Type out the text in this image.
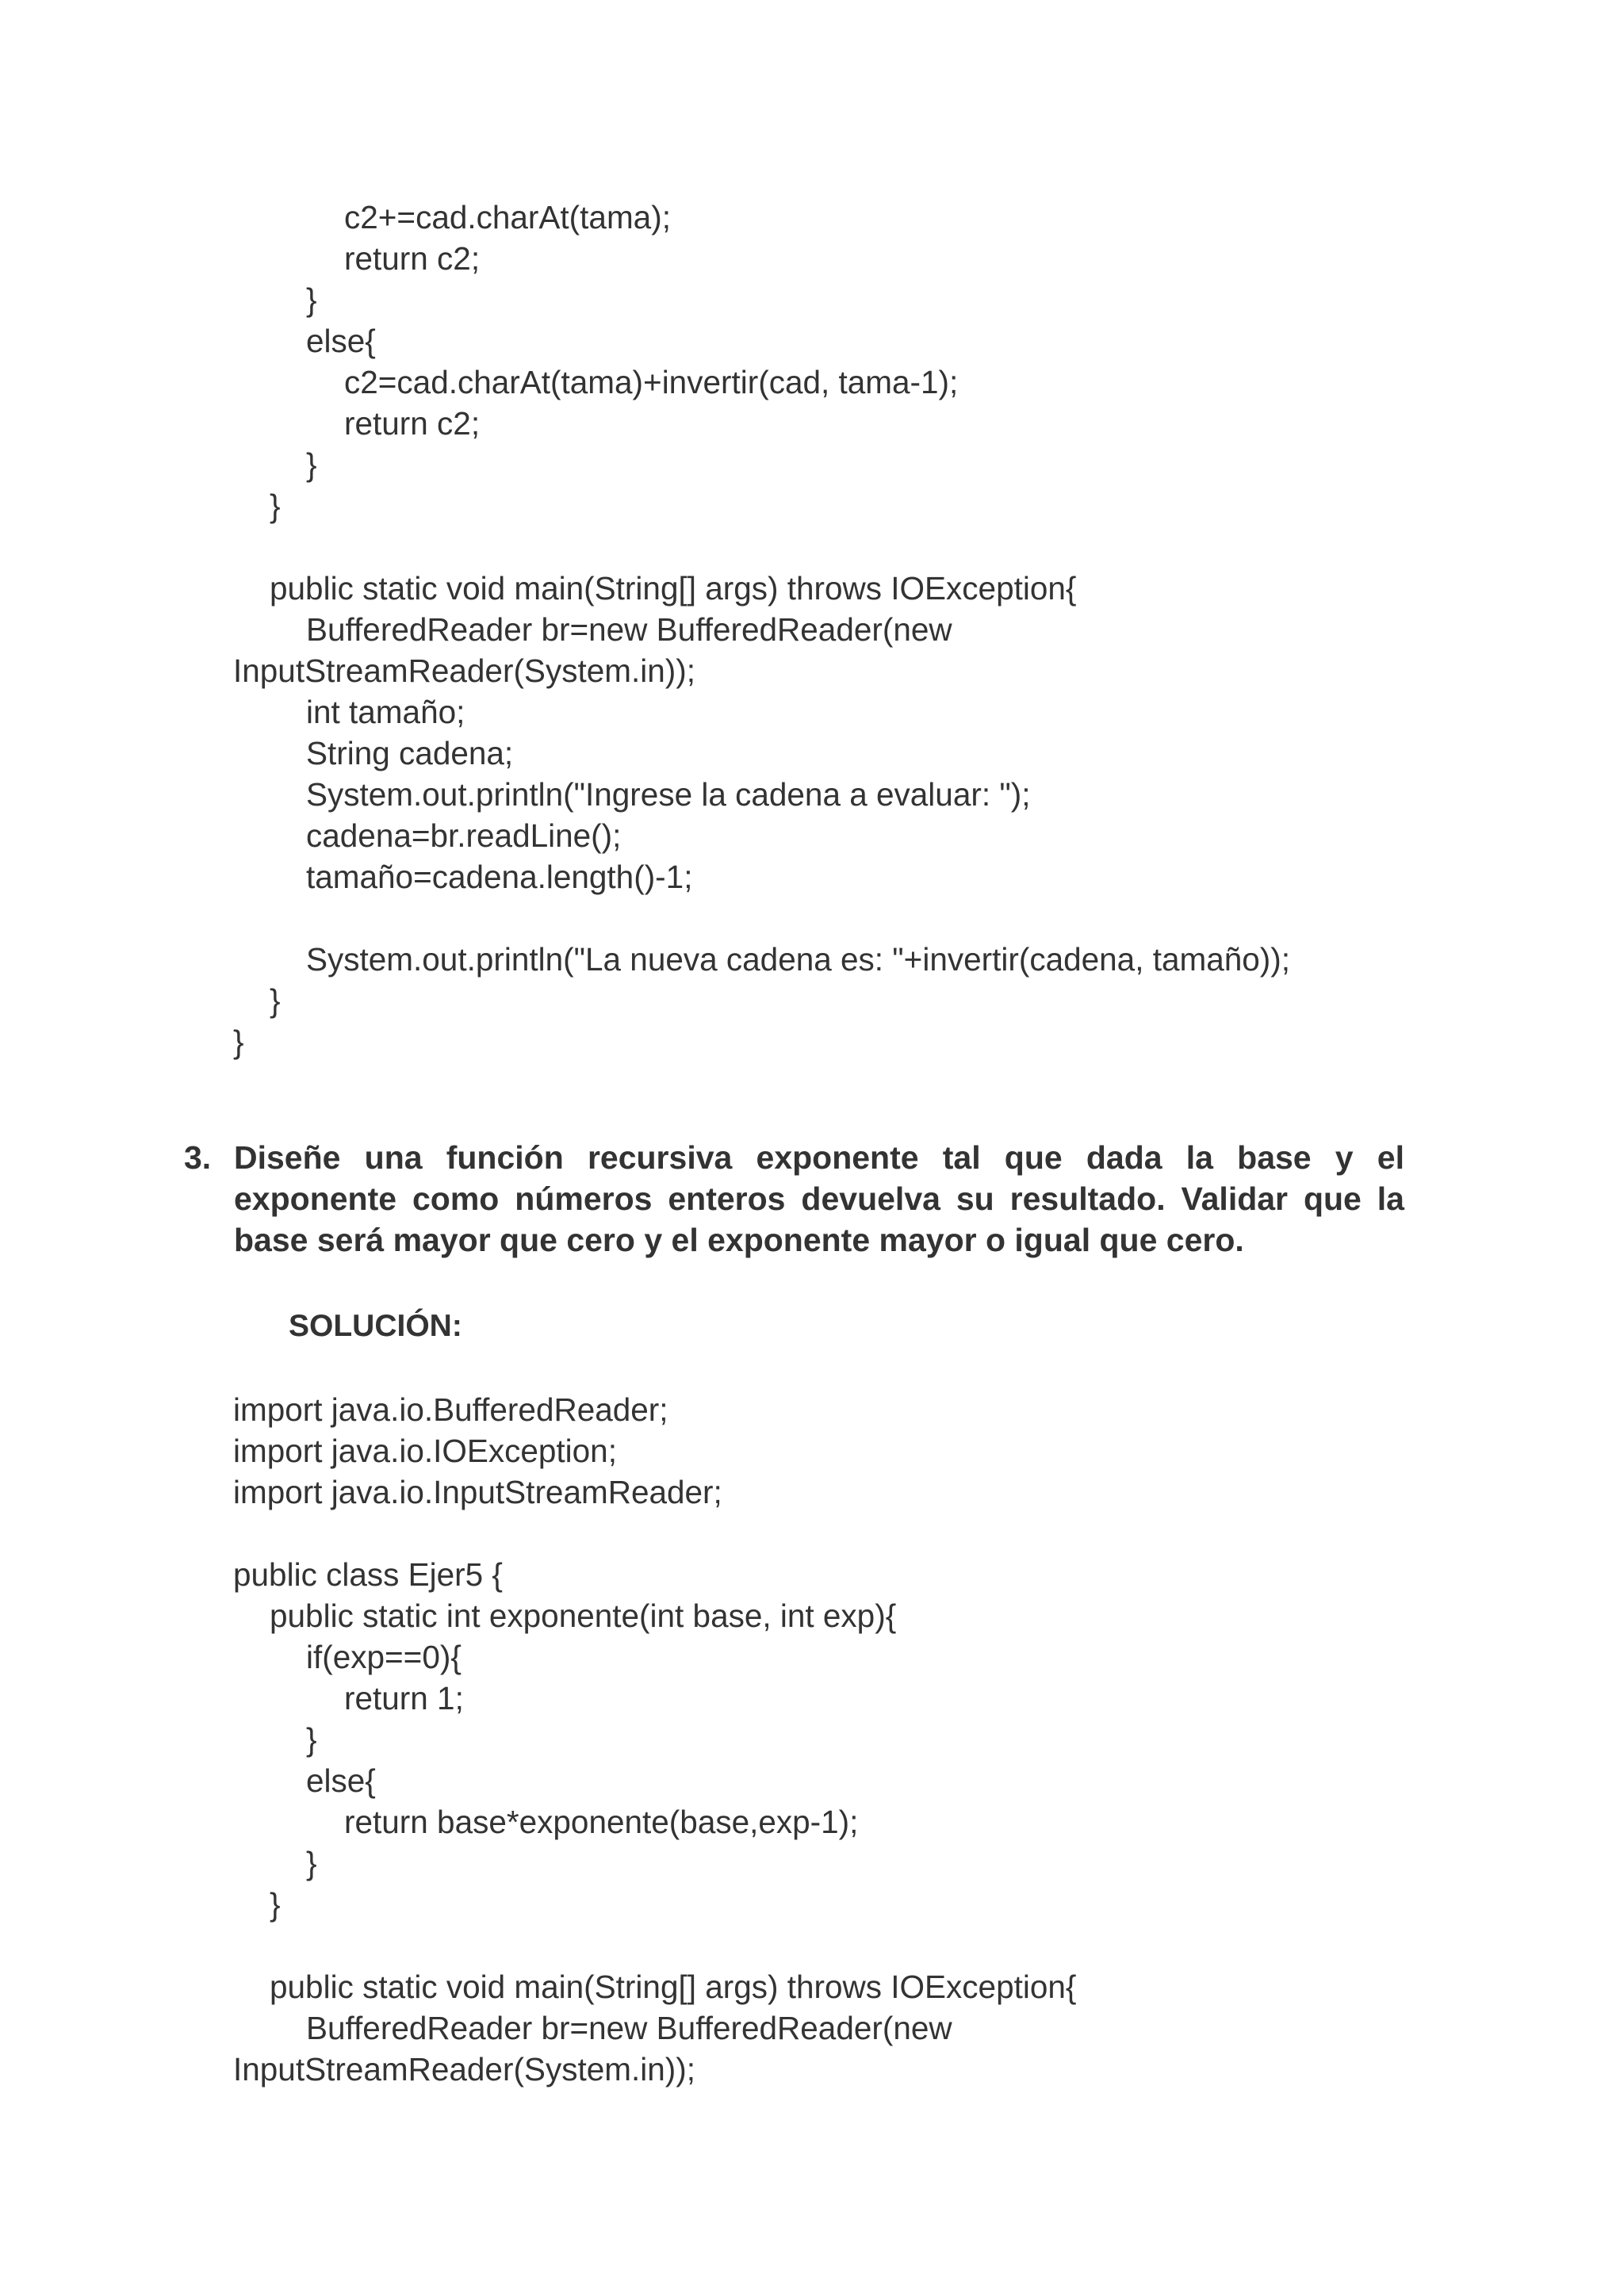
c2+=cad.charAt(tama);
return c2;
}
else{
c2=cad.charAt(tama)+invertir(cad, tama-1);
return c2;
}
}
public static void main(String[] args) throws IOException{
BufferedReader br=new BufferedReader(new
InputStreamReader(System.in));
int tamaño;
String cadena;
System.out.println("Ingrese la cadena a evaluar: ");
cadena=br.readLine();
tamaño=cadena.length()-1;
System.out.println("La nueva cadena es: "+invertir(cadena, tamaño));
}
}
3. Diseñe una función recursiva exponente tal que dada la base y el exponente como números enteros devuelva su resultado. Validar que la base será mayor que cero y el exponente mayor o igual que cero.
SOLUCIÓN:
import java.io.BufferedReader;
import java.io.IOException;
import java.io.InputStreamReader;
public class Ejer5 {
public static int exponente(int base, int exp){
if(exp==0){
return 1;
}
else{
return base*exponente(base,exp-1);
}
}
public static void main(String[] args) throws IOException{
BufferedReader br=new BufferedReader(new
InputStreamReader(System.in));
